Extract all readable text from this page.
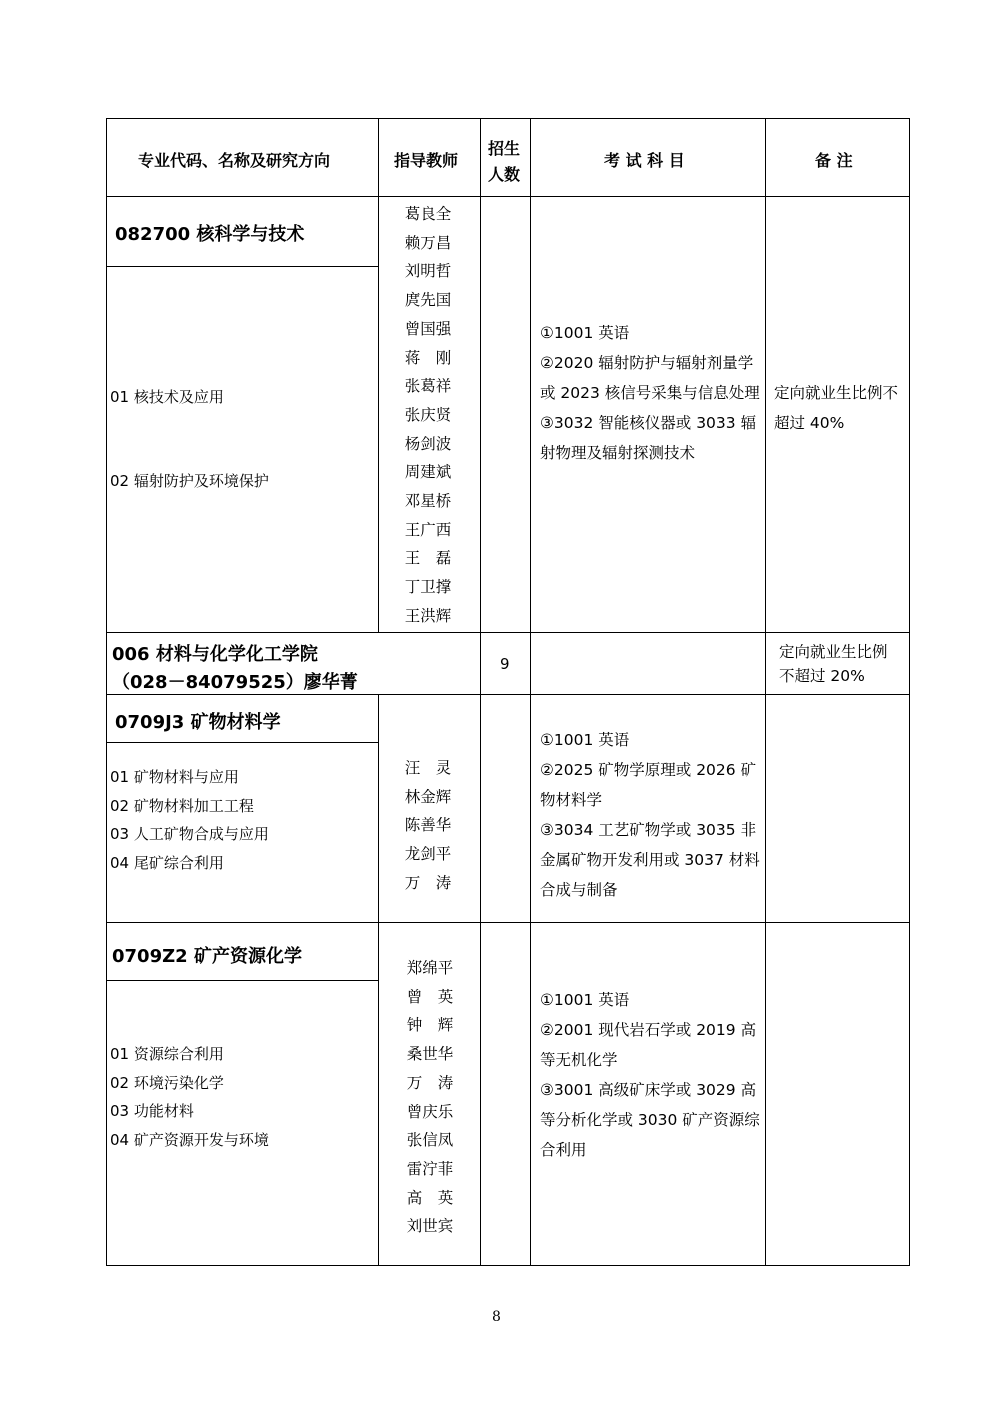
专业代码、名称及研究方向	指导教师
招生
人数
考 试 科 目	备 注
082700 核科学与技术
01 核技术及应用
02 辐射防护及环境保护
葛良全
赖万昌
刘明哲
庹先国
曾国强
蒋　刚
张葛祥
张庆贤
杨剑波
周建斌
邓星桥
王广西
王　磊
丁卫撑
王洪辉
①1001 英语
②2020 辐射防护与辐射剂量学或 2023 核信号采集与信息处理
③3032 智能核仪器或 3033 辐射物理及辐射探测技术
定向就业生比例不超过 40%
006 材料与化学化工学院
（028－84079525）廖华菁
9
定向就业生比例不超过 20%
0709J3 矿物材料学
01 矿物材料与应用
02 矿物材料加工工程
03 人工矿物合成与应用
04 尾矿综合利用
汪　灵
林金辉
陈善华
龙剑平
万　涛
①1001 英语
②2025 矿物学原理或 2026 矿物材料学
③3034 工艺矿物学或 3035 非金属矿物开发利用或 3037 材料合成与制备
0709Z2 矿产资源化学
01 资源综合利用
02 环境污染化学
03 功能材料
04 矿产资源开发与环境
郑绵平
曾　英
钟　辉
桑世华
万　涛
曾庆乐
张信凤
雷泞菲
高　英
刘世宾
①1001 英语
②2001 现代岩石学或 2019 高等无机化学
③3001 高级矿床学或 3029 高等分析化学或 3030 矿产资源综合利用
8
